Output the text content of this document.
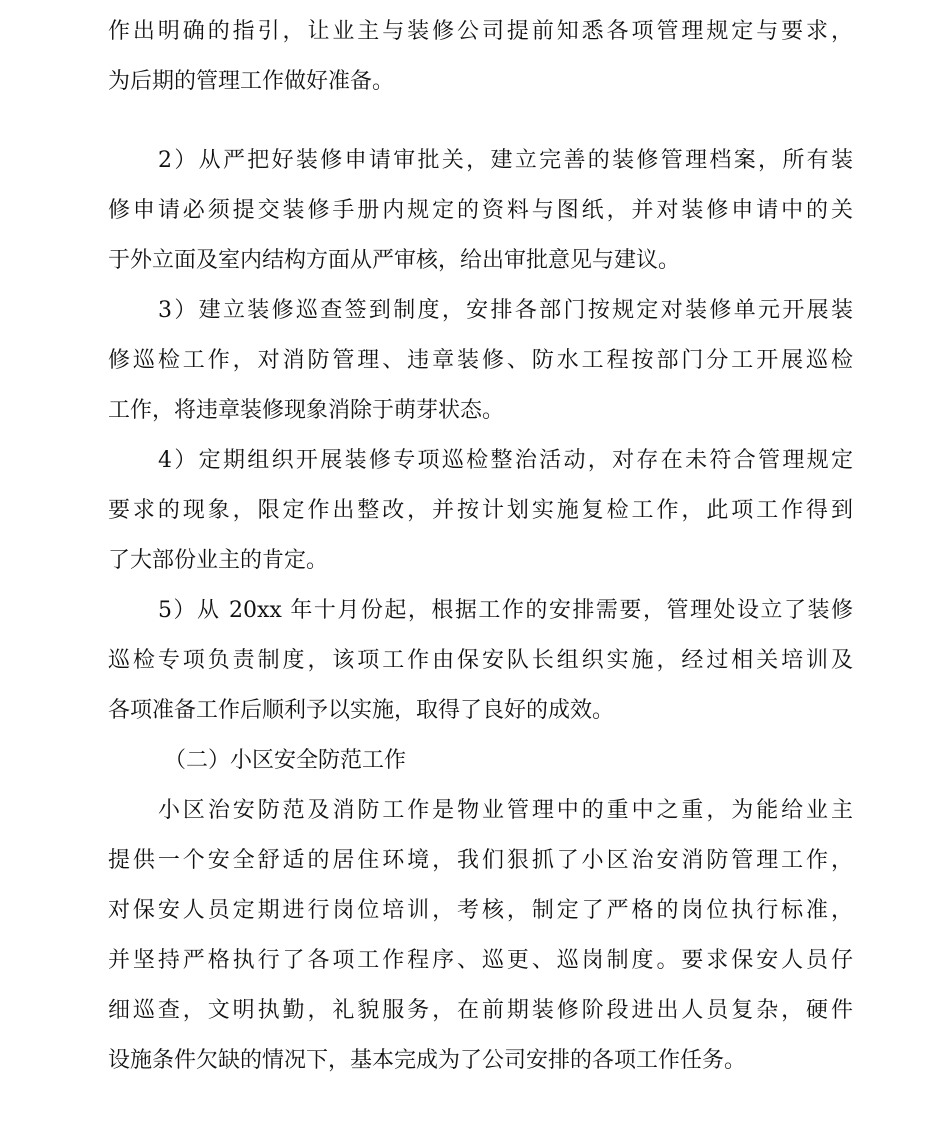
作出明确的指引，让业主与装修公司提前知悉各项管理规定与要求，
为后期的管理工作做好准备。
2）从严把好装修申请审批关，建立完善的装修管理档案，所有装
修申请必须提交装修手册内规定的资料与图纸，并对装修申请中的关
于外立面及室内结构方面从严审核，给出审批意见与建议。
3）建立装修巡查签到制度，安排各部门按规定对装修单元开展装
修巡检工作，对消防管理、违章装修、防水工程按部门分工开展巡检
工作，将违章装修现象消除于萌芽状态。
4）定期组织开展装修专项巡检整治活动，对存在未符合管理规定
要求的现象，限定作出整改，并按计划实施复检工作，此项工作得到
了大部份业主的肯定。
5）从 20xx 年十月份起，根据工作的安排需要，管理处设立了装修
巡检专项负责制度，该项工作由保安队长组织实施，经过相关培训及
各项准备工作后顺利予以实施，取得了良好的成效。
（二）小区安全防范工作
小区治安防范及消防工作是物业管理中的重中之重，为能给业主
提供一个安全舒适的居住环境，我们狠抓了小区治安消防管理工作，
对保安人员定期进行岗位培训，考核，制定了严格的岗位执行标准，
并坚持严格执行了各项工作程序、巡更、巡岗制度。要求保安人员仔
细巡查，文明执勤，礼貌服务，在前期装修阶段进出人员复杂，硬件
设施条件欠缺的情况下，基本完成为了公司安排的各项工作任务。
